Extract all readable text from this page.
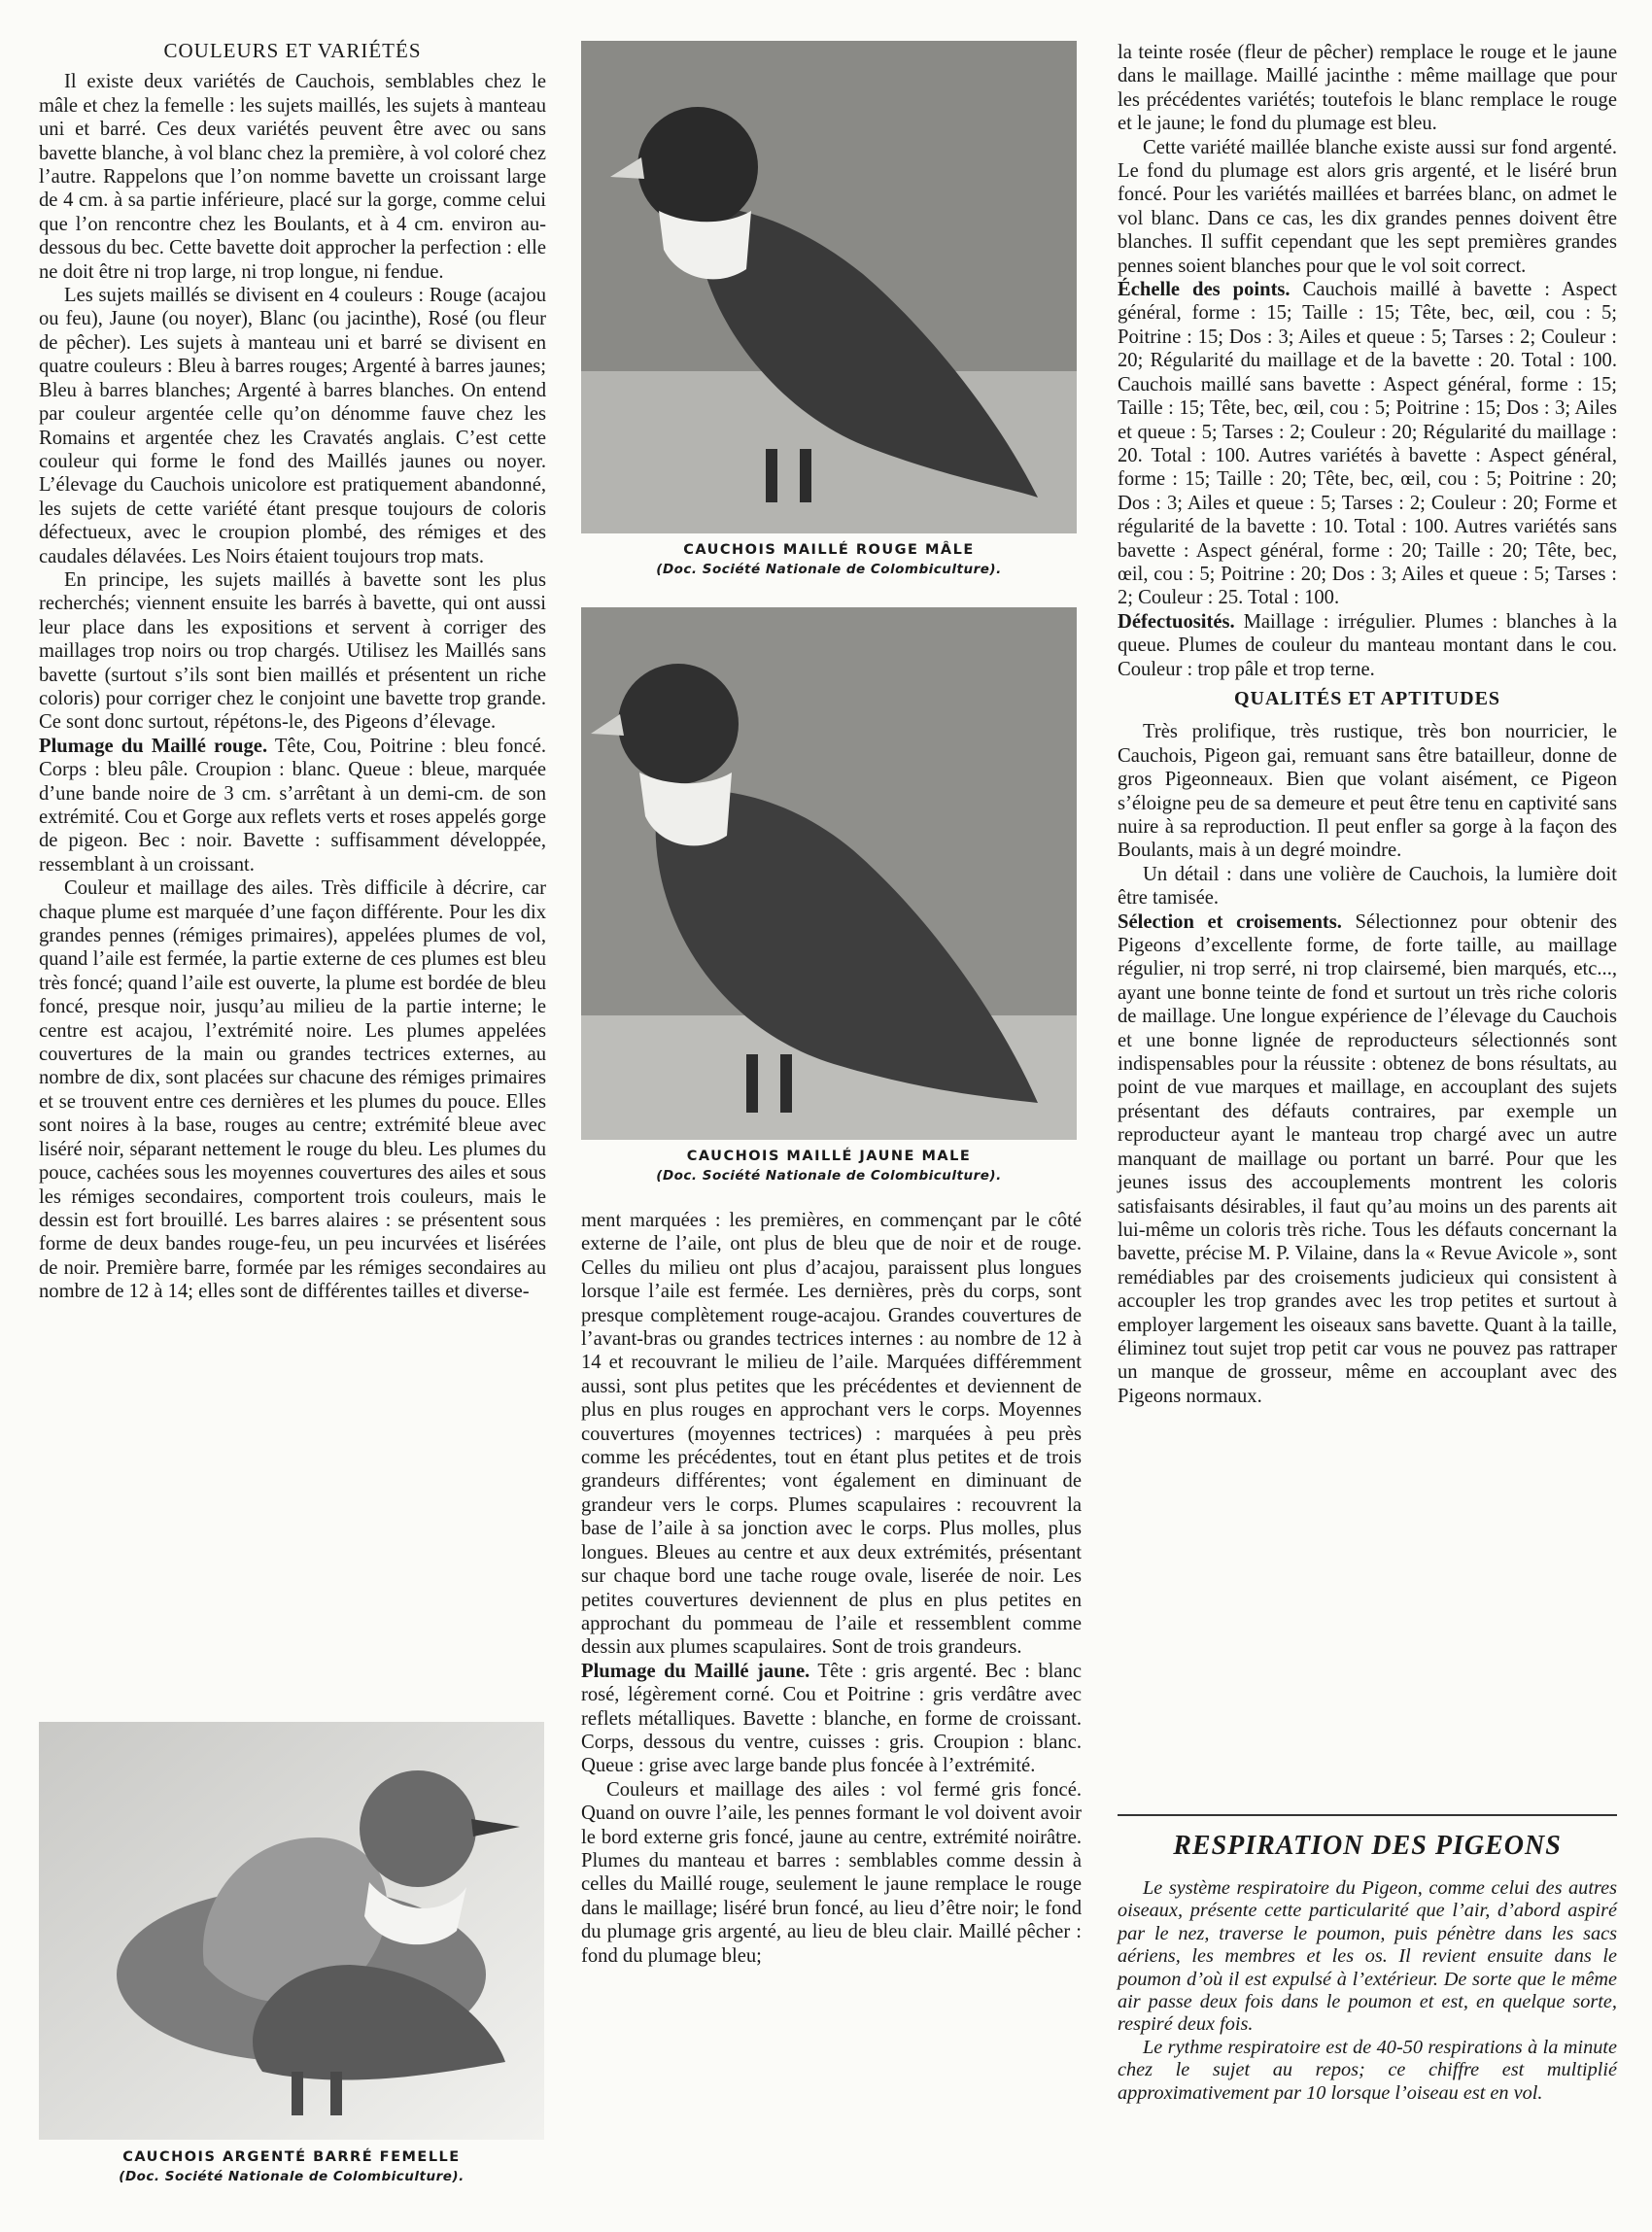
COULEURS ET VARIÉTÉS

Il existe deux variétés de Cauchois, semblables chez le mâle et chez la femelle : les sujets maillés, les sujets à manteau uni et barré. Ces deux variétés peuvent être avec ou sans bavette blanche, à vol blanc chez la première, à vol coloré chez l’autre. Rappelons que l’on nomme bavette un croissant large de 4 cm. à sa partie inférieure, placé sur la gorge, comme celui que l’on rencontre chez les Boulants, et à 4 cm. environ au-dessous du bec. Cette bavette doit approcher la perfection : elle ne doit être ni trop large, ni trop longue, ni fendue.

Les sujets maillés se divisent en 4 couleurs : Rouge (acajou ou feu), Jaune (ou noyer), Blanc (ou jacinthe), Rosé (ou fleur de pêcher). Les sujets à manteau uni et barré se divisent en quatre couleurs : Bleu à barres rouges; Argenté à barres jaunes; Bleu à barres blanches; Argenté à barres blanches. On entend par couleur argentée celle qu’on dénomme fauve chez les Romains et argentée chez les Cravatés anglais. C’est cette couleur qui forme le fond des Maillés jaunes ou noyer. L’élevage du Cauchois unicolore est pratiquement abandonné, les sujets de cette variété étant presque toujours de coloris défectueux, avec le croupion plombé, des rémiges et des caudales délavées. Les Noirs étaient toujours trop mats.

En principe, les sujets maillés à bavette sont les plus recherchés; viennent ensuite les barrés à bavette, qui ont aussi leur place dans les expositions et servent à corriger des maillages trop noirs ou trop chargés. Utilisez les Maillés sans bavette (surtout s’ils sont bien maillés et présentent un riche coloris) pour corriger chez le conjoint une bavette trop grande. Ce sont donc surtout, répétons-le, des Pigeons d’élevage.

Plumage du Maillé rouge. Tête, Cou, Poitrine : bleu foncé. Corps : bleu pâle. Croupion : blanc. Queue : bleue, marquée d’une bande noire de 3 cm. s’arrêtant à un demi-cm. de son extrémité. Cou et Gorge aux reflets verts et roses appelés gorge de pigeon. Bec : noir. Bavette : suffisamment développée, ressemblant à un croissant.

Couleur et maillage des ailes. Très difficile à décrire, car chaque plume est marquée d’une façon différente. Pour les dix grandes pennes (rémiges primaires), appelées plumes de vol, quand l’aile est fermée, la partie externe de ces plumes est bleu très foncé; quand l’aile est ouverte, la plume est bordée de bleu foncé, presque noir, jusqu’au milieu de la partie interne; le centre est acajou, l’extrémité noire. Les plumes appelées couvertures de la main ou grandes tectrices externes, au nombre de dix, sont placées sur chacune des rémiges primaires et se trouvent entre ces dernières et les plumes du pouce. Elles sont noires à la base, rouges au centre; extrémité bleue avec liséré noir, séparant nettement le rouge du bleu. Les plumes du pouce, cachées sous les moyennes couvertures des ailes et sous les rémiges secondaires, comportent trois couleurs, mais le dessin est fort brouillé. Les barres alaires : se présentent sous forme de deux bandes rouge-feu, un peu incurvées et lisérées de noir. Première barre, formée par les rémiges secondaires au nombre de 12 à 14; elles sont de différentes tailles et diverse-

CAUCHOIS ARGENTÉ BARRÉ FEMELLE
(Doc. Société Nationale de Colombiculture).
CAUCHOIS MAILLÉ ROUGE MÂLE
(Doc. Société Nationale de Colombiculture).
CAUCHOIS MAILLÉ JAUNE MALE
(Doc. Société Nationale de Colombiculture).

ment marquées : les premières, en commençant par le côté externe de l’aile, ont plus de bleu que de noir et de rouge. Celles du milieu ont plus d’acajou, paraissent plus longues lorsque l’aile est fermée. Les dernières, près du corps, sont presque complètement rouge-acajou. Grandes couvertures de l’avant-bras ou grandes tectrices internes : au nombre de 12 à 14 et recouvrant le milieu de l’aile. Marquées différemment aussi, sont plus petites que les précédentes et deviennent de plus en plus rouges en approchant vers le corps. Moyennes couvertures (moyennes tectrices) : marquées à peu près comme les précédentes, tout en étant plus petites et de trois grandeurs différentes; vont également en diminuant de grandeur vers le corps. Plumes scapulaires : recouvrent la base de l’aile à sa jonction avec le corps. Plus molles, plus longues. Bleues au centre et aux deux extrémités, présentant sur chaque bord une tache rouge ovale, liserée de noir. Les petites couvertures deviennent de plus en plus petites en approchant du pommeau de l’aile et ressemblent comme dessin aux plumes scapulaires. Sont de trois grandeurs.

Plumage du Maillé jaune. Tête : gris argenté. Bec : blanc rosé, légèrement corné. Cou et Poitrine : gris verdâtre avec reflets métalliques. Bavette : blanche, en forme de croissant. Corps, dessous du ventre, cuisses : gris. Croupion : blanc. Queue : grise avec large bande plus foncée à l’extrémité.

Couleurs et maillage des ailes : vol fermé gris foncé. Quand on ouvre l’aile, les pennes formant le vol doivent avoir le bord externe gris foncé, jaune au centre, extrémité noirâtre. Plumes du manteau et barres : semblables comme dessin à celles du Maillé rouge, seulement le jaune remplace le rouge dans le maillage; liséré brun foncé, au lieu d’être noir; le fond du plumage gris argenté, au lieu de bleu clair. Maillé pêcher : fond du plumage bleu;

la teinte rosée (fleur de pêcher) remplace le rouge et le jaune dans le maillage. Maillé jacinthe : même maillage que pour les précédentes variétés; toutefois le blanc remplace le rouge et le jaune; le fond du plumage est bleu.

Cette variété maillée blanche existe aussi sur fond argenté. Le fond du plumage est alors gris argenté, et le liséré brun foncé. Pour les variétés maillées et barrées blanc, on admet le vol blanc. Dans ce cas, les dix grandes pennes doivent être blanches. Il suffit cependant que les sept premières grandes pennes soient blanches pour que le vol soit correct.

Échelle des points. Cauchois maillé à bavette : Aspect général, forme : 15; Taille : 15; Tête, bec, œil, cou : 5; Poitrine : 15; Dos : 3; Ailes et queue : 5; Tarses : 2; Couleur : 20; Régularité du maillage et de la bavette : 20. Total : 100. Cauchois maillé sans bavette : Aspect général, forme : 15; Taille : 15; Tête, bec, œil, cou : 5; Poitrine : 15; Dos : 3; Ailes et queue : 5; Tarses : 2; Couleur : 20; Régularité du maillage : 20. Total : 100. Autres variétés à bavette : Aspect général, forme : 15; Taille : 20; Tête, bec, œil, cou : 5; Poitrine : 20; Dos : 3; Ailes et queue : 5; Tarses : 2; Couleur : 20; Forme et régularité de la bavette : 10. Total : 100. Autres variétés sans bavette : Aspect général, forme : 20; Taille : 20; Tête, bec, œil, cou : 5; Poitrine : 20; Dos : 3; Ailes et queue : 5; Tarses : 2; Couleur : 25. Total : 100.

Défectuosités. Maillage : irrégulier. Plumes : blanches à la queue. Plumes de couleur du manteau montant dans le cou. Couleur : trop pâle et trop terne.

QUALITÉS ET APTITUDES

Très prolifique, très rustique, très bon nourricier, le Cauchois, Pigeon gai, remuant sans être batailleur, donne de gros Pigeonneaux. Bien que volant aisément, ce Pigeon s’éloigne peu de sa demeure et peut être tenu en captivité sans nuire à sa reproduction. Il peut enfler sa gorge à la façon des Boulants, mais à un degré moindre.

Un détail : dans une volière de Cauchois, la lumière doit être tamisée.

Sélection et croisements. Sélectionnez pour obtenir des Pigeons d’excellente forme, de forte taille, au maillage régulier, ni trop serré, ni trop clairsemé, bien marqués, etc..., ayant une bonne teinte de fond et surtout un très riche coloris de maillage. Une longue expérience de l’élevage du Cauchois et une bonne lignée de reproducteurs sélectionnés sont indispensables pour la réussite : obtenez de bons résultats, au point de vue marques et maillage, en accouplant des sujets présentant des défauts contraires, par exemple un reproducteur ayant le manteau trop chargé avec un autre manquant de maillage ou portant un barré. Pour que les jeunes issus des accouplements montrent les coloris satisfaisants désirables, il faut qu’au moins un des parents ait lui-même un coloris très riche. Tous les défauts concernant la bavette, précise M. P. Vilaine, dans la « Revue Avicole », sont remédiables par des croisements judicieux qui consistent à accoupler les trop grandes avec les trop petites et surtout à employer largement les oiseaux sans bavette. Quant à la taille, éliminez tout sujet trop petit car vous ne pouvez pas rattraper un manque de grosseur, même en accouplant avec des Pigeons normaux.

RESPIRATION DES PIGEONS

Le système respiratoire du Pigeon, comme celui des autres oiseaux, présente cette particularité que l’air, d’abord aspiré par le nez, traverse le poumon, puis pénètre dans les sacs aériens, les membres et les os. Il revient ensuite dans le poumon d’où il est expulsé à l’extérieur. De sorte que le même air passe deux fois dans le poumon et est, en quelque sorte, respiré deux fois.

Le rythme respiratoire est de 40-50 respirations à la minute chez le sujet au repos; ce chiffre est multiplié approximativement par 10 lorsque l’oiseau est en vol.
